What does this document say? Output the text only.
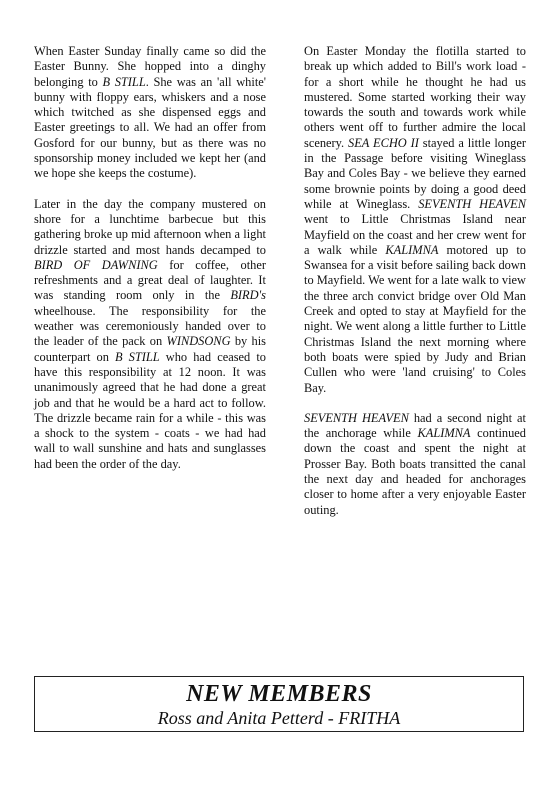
When Easter Sunday finally came so did the Easter Bunny. She hopped into a dinghy belonging to B STILL. She was an 'all white' bunny with floppy ears, whiskers and a nose which twitched as she dispensed eggs and Easter greetings to all. We had an offer from Gosford for our bunny, but as there was no sponsorship money included we kept her (and we hope she keeps the costume).

Later in the day the company mustered on shore for a lunchtime barbecue but this gathering broke up mid afternoon when a light drizzle started and most hands decamped to BIRD OF DAWNING for coffee, other refreshments and a great deal of laughter. It was standing room only in the BIRD's wheelhouse. The responsibility for the weather was ceremoniously handed over to the leader of the pack on WINDSONG by his counterpart on B STILL who had ceased to have this responsibility at 12 noon. It was unanimously agreed that he had done a great job and that he would be a hard act to follow. The drizzle became rain for a while - this was a shock to the system - coats - we had had wall to wall sunshine and hats and sunglasses had been the order of the day.

On Easter Monday the flotilla started to break up which added to Bill's work load - for a short while he thought he had us mustered. Some started working their way towards the south and towards work while others went off to further admire the local scenery. SEA ECHO II stayed a little longer in the Passage before visiting Wineglass Bay and Coles Bay - we believe they earned some brownie points by doing a good deed while at Wineglass. SEVENTH HEAVEN went to Little Christmas Island near Mayfield on the coast and her crew went for a walk while KALIMNA motored up to Swansea for a visit before sailing back down to Mayfield. We went for a late walk to view the three arch convict bridge over Old Man Creek and opted to stay at Mayfield for the night. We went along a little further to Little Christmas Island the next morning where both boats were spied by Judy and Brian Cullen who were 'land cruising' to Coles Bay.

SEVENTH HEAVEN had a second night at the anchorage while KALIMNA continued down the coast and spent the night at Prosser Bay. Both boats transitted the canal the next day and headed for anchorages closer to home after a very enjoyable Easter outing.

NEW MEMBERS
Ross and Anita Petterd - FRITHA
